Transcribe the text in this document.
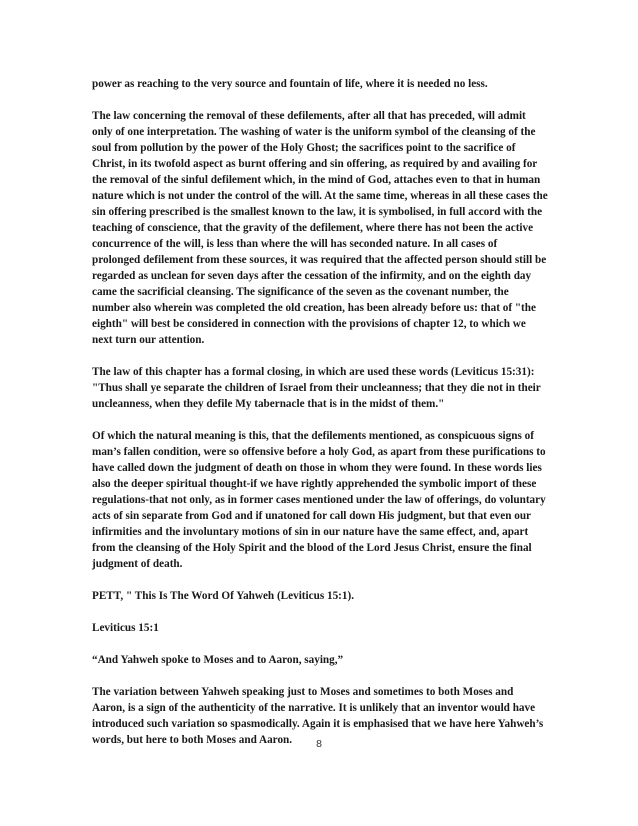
power as reaching to the very source and fountain of life, where it is needed no less.

The law concerning the removal of these defilements, after all that has preceded, will admit only of one interpretation. The washing of water is the uniform symbol of the cleansing of the soul from pollution by the power of the Holy Ghost; the sacrifices point to the sacrifice of Christ, in its twofold aspect as burnt offering and sin offering, as required by and availing for the removal of the sinful defilement which, in the mind of God, attaches even to that in human nature which is not under the control of the will. At the same time, whereas in all these cases the sin offering prescribed is the smallest known to the law, it is symbolised, in full accord with the teaching of conscience, that the gravity of the defilement, where there has not been the active concurrence of the will, is less than where the will has seconded nature. In all cases of prolonged defilement from these sources, it was required that the affected person should still be regarded as unclean for seven days after the cessation of the infirmity, and on the eighth day came the sacrificial cleansing. The significance of the seven as the covenant number, the number also wherein was completed the old creation, has been already before us: that of "the eighth" will best be considered in connection with the provisions of chapter 12, to which we next turn our attention.

The law of this chapter has a formal closing, in which are used these words (Leviticus 15:31): "Thus shall ye separate the children of Israel from their uncleanness; that they die not in their uncleanness, when they defile My tabernacle that is in the midst of them."

Of which the natural meaning is this, that the defilements mentioned, as conspicuous signs of man’s fallen condition, were so offensive before a holy God, as apart from these purifications to have called down the judgment of death on those in whom they were found. In these words lies also the deeper spiritual thought-if we have rightly apprehended the symbolic import of these regulations-that not only, as in former cases mentioned under the law of offerings, do voluntary acts of sin separate from God and if unatoned for call down His judgment, but that even our infirmities and the involuntary motions of sin in our nature have the same effect, and, apart from the cleansing of the Holy Spirit and the blood of the Lord Jesus Christ, ensure the final judgment of death.

PETT, " This Is The Word Of Yahweh (Leviticus 15:1).

Leviticus 15:1

“And Yahweh spoke to Moses and to Aaron, saying,”

The variation between Yahweh speaking just to Moses and sometimes to both Moses and Aaron, is a sign of the authenticity of the narrative. It is unlikely that an inventor would have introduced such variation so spasmodically. Again it is emphasised that we have here Yahweh’s words, but here to both Moses and Aaron.	8
